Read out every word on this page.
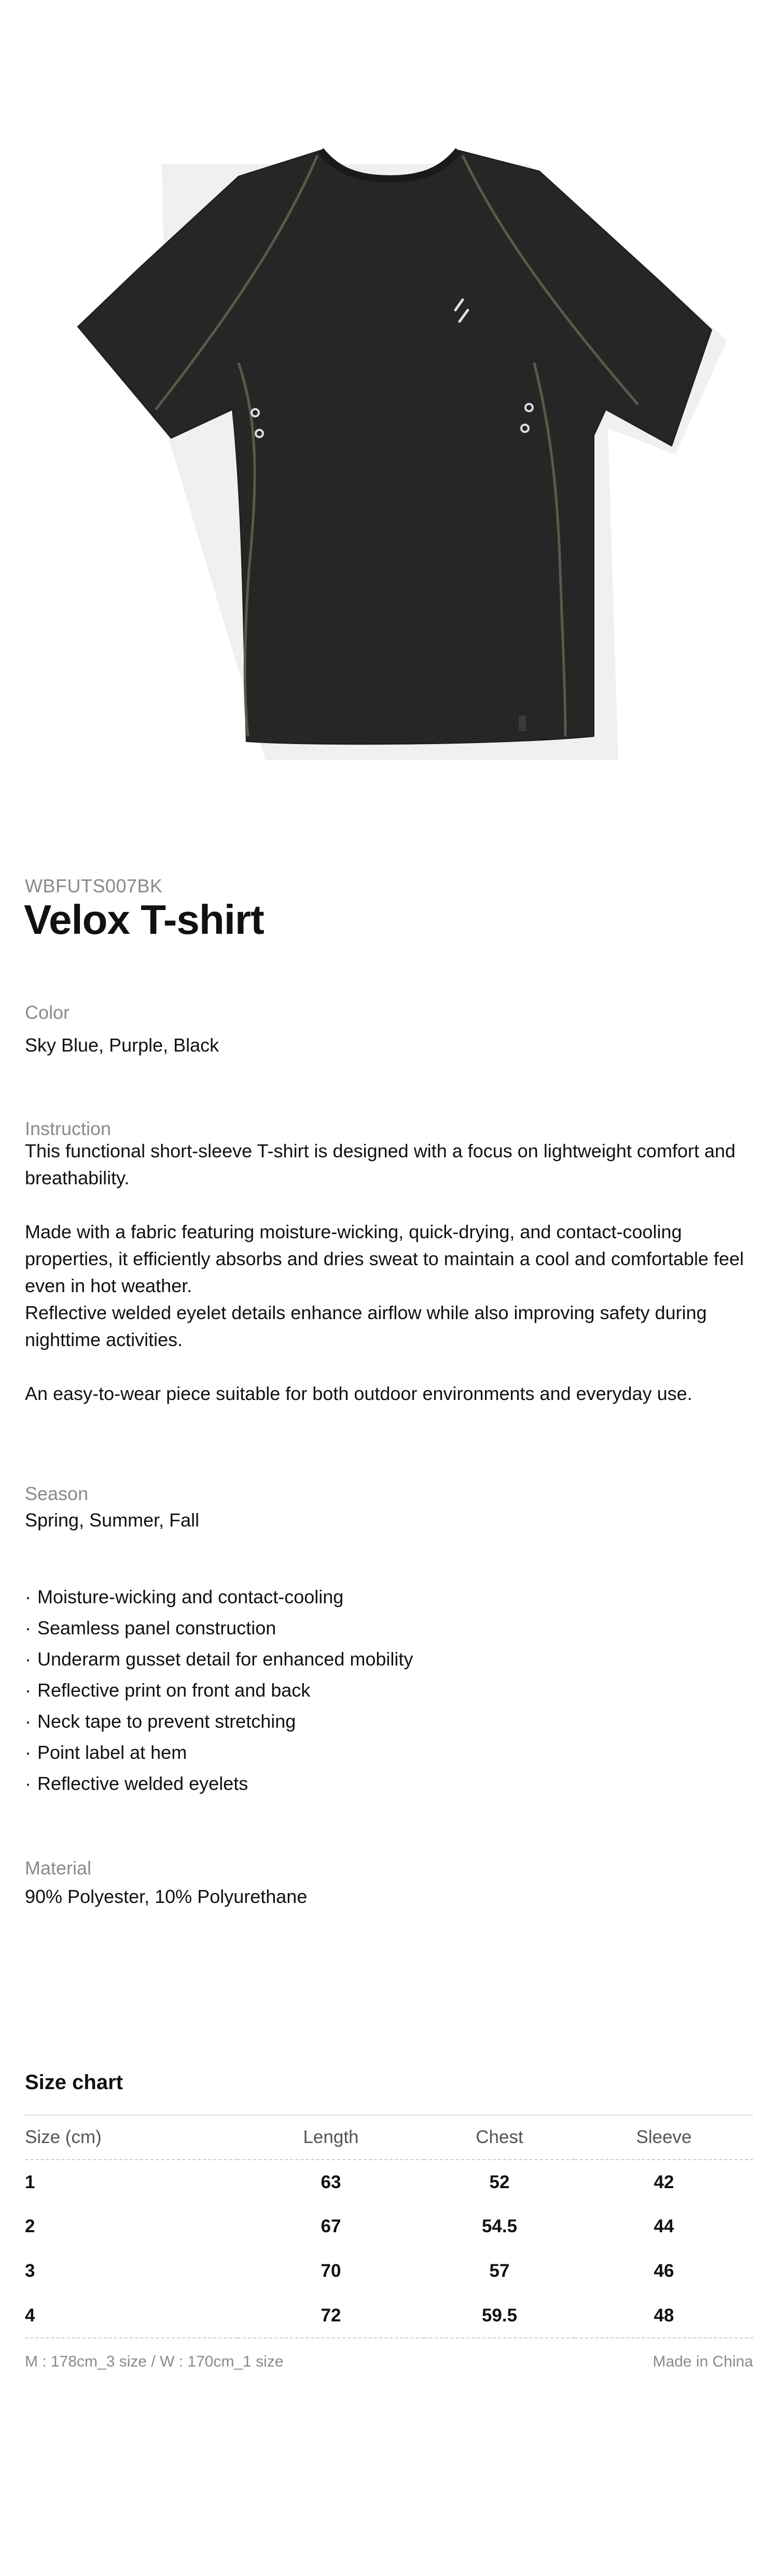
WBFUTS007BK
Velox T-shirt
Color
Sky Blue, Purple, Black
Instruction

This functional short-sleeve T-shirt is designed with a focus on lightweight comfort and breathability.

Made with a fabric featuring moisture-wicking, quick-drying, and contact-cooling properties, it efficiently absorbs and dries sweat to maintain a cool and comfortable feel even in hot weather.

Reflective welded eyelet details enhance airflow while also improving safety during nighttime activities.

An easy-to-wear piece suitable for both outdoor environments and everyday use.

Season
Spring, Summer, Fall
· Moisture-wicking and contact-cooling
· Seamless panel construction
· Underarm gusset detail for enhanced mobility
· Reflective print on front and back
· Neck tape to prevent stretching
· Point label at hem
· Reflective welded eyelets
Material
90% Polyester, 10% Polyurethane
Size chart
Size (cm)	Length	Chest	Sleeve
1	63	52	42
2	67	54.5	44
3	70	57	46
4	72	59.5	48
M : 178cm_3 size / W : 170cm_1 size	Made in China
